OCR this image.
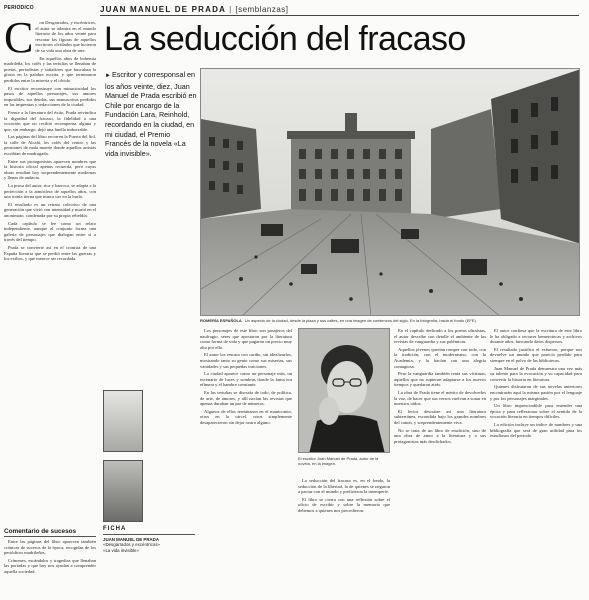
PERIODICO	JUAN MANUEL DE PRADA | [semblanzas]
La seducción del fracaso
►Escritor y corresponsal en los años veinte, diez, Juan Manuel de Prada escribió en Chile por encargo de la Fundación Lara, Reinhold, recordando en la ciudad, en mi ciudad, el Premio Francés de la novela «La vida invisible».
C	on Desgarrados, y excéntricos, el autor se adentra en el mundo literario de los años veinte para rescatar las figuras de aquellos escritores olvidados que hicieron de su vida una obra de arte.

En aquellos años de bohemia madrileña, los cafés y las tertulias se llenaban de poetas, periodistas y soñadores que buscaban la gloria en la palabra escrita, y que terminaron perdidos entre la miseria y el olvido.

El escritor reconstruye con minuciosidad los pasos de aquellos personajes, sus amores imposibles, sus deudas, sus manuscritos perdidos en las imprentas y redacciones de la ciudad.

Frente a la literatura del éxito, Prada reivindica la dignidad del fracaso, la fidelidad a una vocación que no recibió recompensa alguna y que, sin embargo, dejó una huella imborrable.

Las páginas del libro recorren la Puerta del Sol, la calle de Alcalá, los cafés del centro y las pensiones de mala muerte donde aquellos artistas escribían de madrugada.

Entre sus protagonistas aparecen nombres que la historia oficial apenas recuerda, pero cuyas obras resultan hoy sorprendentemente modernas y llenas de audacia.

La prosa del autor, rica y barroca, se adapta a la perfección a la atmósfera de aquellos años, con una ironía tierna que nunca cae en la burla.

El resultado es un retrato colectivo de una generación que vivió con intensidad y murió en el anonimato, condenada por su propia rebeldía.

Cada capítulo se lee como un relato independiente, aunque el conjunto forma una galería de personajes que dialogan entre sí a través del tiempo.

Prada se convierte así en el cronista de una España literaria que se perdió entre las guerras y los exilios, y que merece ser recordada.

ROMERÍA ESPAÑOLA Un aspecto de la ciudad, desde la plaza y sus calles, en una imagen de comienzos del siglo. En la fotografía, hacia el fondo (EFE)

Los personajes de este libro son pasajeros del naufragio, seres que apostaron por la literatura como forma de vida y que pagaron un precio muy alto por ello.

El autor los rescata con cariño, sin idealizarlos, mostrando tanto su genio como sus miserias, sus vanidades y sus pequeñas traiciones.

La ciudad aparece como un personaje más, un escenario de luces y sombras donde la fama era efímera y el hambre constante.

En las tertulias se discutía de todo, de política, de arte, de amores, y allí nacían las revistas que apenas duraban un par de números.

Algunos de ellos terminaron en el manicomio, otros en la cárcel, otros simplemente desaparecieron sin dejar rastro alguno.

El escritor Juan Manuel de Prada, autor de la novela, en la imagen.

La seducción del fracaso es, en el fondo, la seducción de la libertad, la de quienes se negaron a pactar con el mundo y prefirieron la intemperie.

El libro se cierra con una reflexión sobre el oficio de escribir y sobre la memoria que debemos a quienes nos precedieron.

En el capítulo dedicado a los poetas ultraístas, el autor describe con detalle el ambiente de las revistas de vanguardia y sus polémicas.

Aquellos jóvenes querían romper con todo, con la tradición, con el modernismo, con la Academia, y lo hacían con una alegría contagiosa.

Pero la vanguardia también tenía sus víctimas, aquellos que no supieron adaptarse a los nuevos tiempos y quedaron atrás.

La obra de Prada tiene el mérito de devolverles la voz, de hacer que sus versos vuelvan a sonar en nuestros oídos.

El lector descubre así una literatura subterránea, escondida bajo los grandes nombres del canon, y sorprendentemente viva.

No se trata de un libro de erudición, sino de una obra de amor a la literatura y a sus protagonistas más desdichados.

El autor confiesa que la escritura de este libro le ha obligado a recorrer hemerotecas y archivos durante años, buscando datos dispersos.

El resultado justifica el esfuerzo, porque nos devuelve un mundo que parecía perdido para siempre en el polvo de las bibliotecas.

Juan Manuel de Prada demuestra una vez más su talento para la evocación y su capacidad para convertir la historia en literatura.

Quienes disfrutaron de sus novelas anteriores encontrarán aquí la misma pasión por el lenguaje y por los personajes marginales.

Un libro imprescindible para entender una época y para reflexionar sobre el sentido de la vocación literaria en tiempos difíciles.

La edición incluye un índice de nombres y una bibliografía que será de gran utilidad para los estudiosos del periodo.

FICHA
JUAN MANUEL DE PRADA
«Desgarrados y excéntricos»
«La vida invisible»
Comentario de sucesos

Entre las páginas del libro aparecen también crónicas de sucesos de la época, recogidas de los periódicos madrileños.

Crímenes, escándalos y tragedias que llenaban las portadas y que hoy nos ayudan a comprender aquella sociedad.
